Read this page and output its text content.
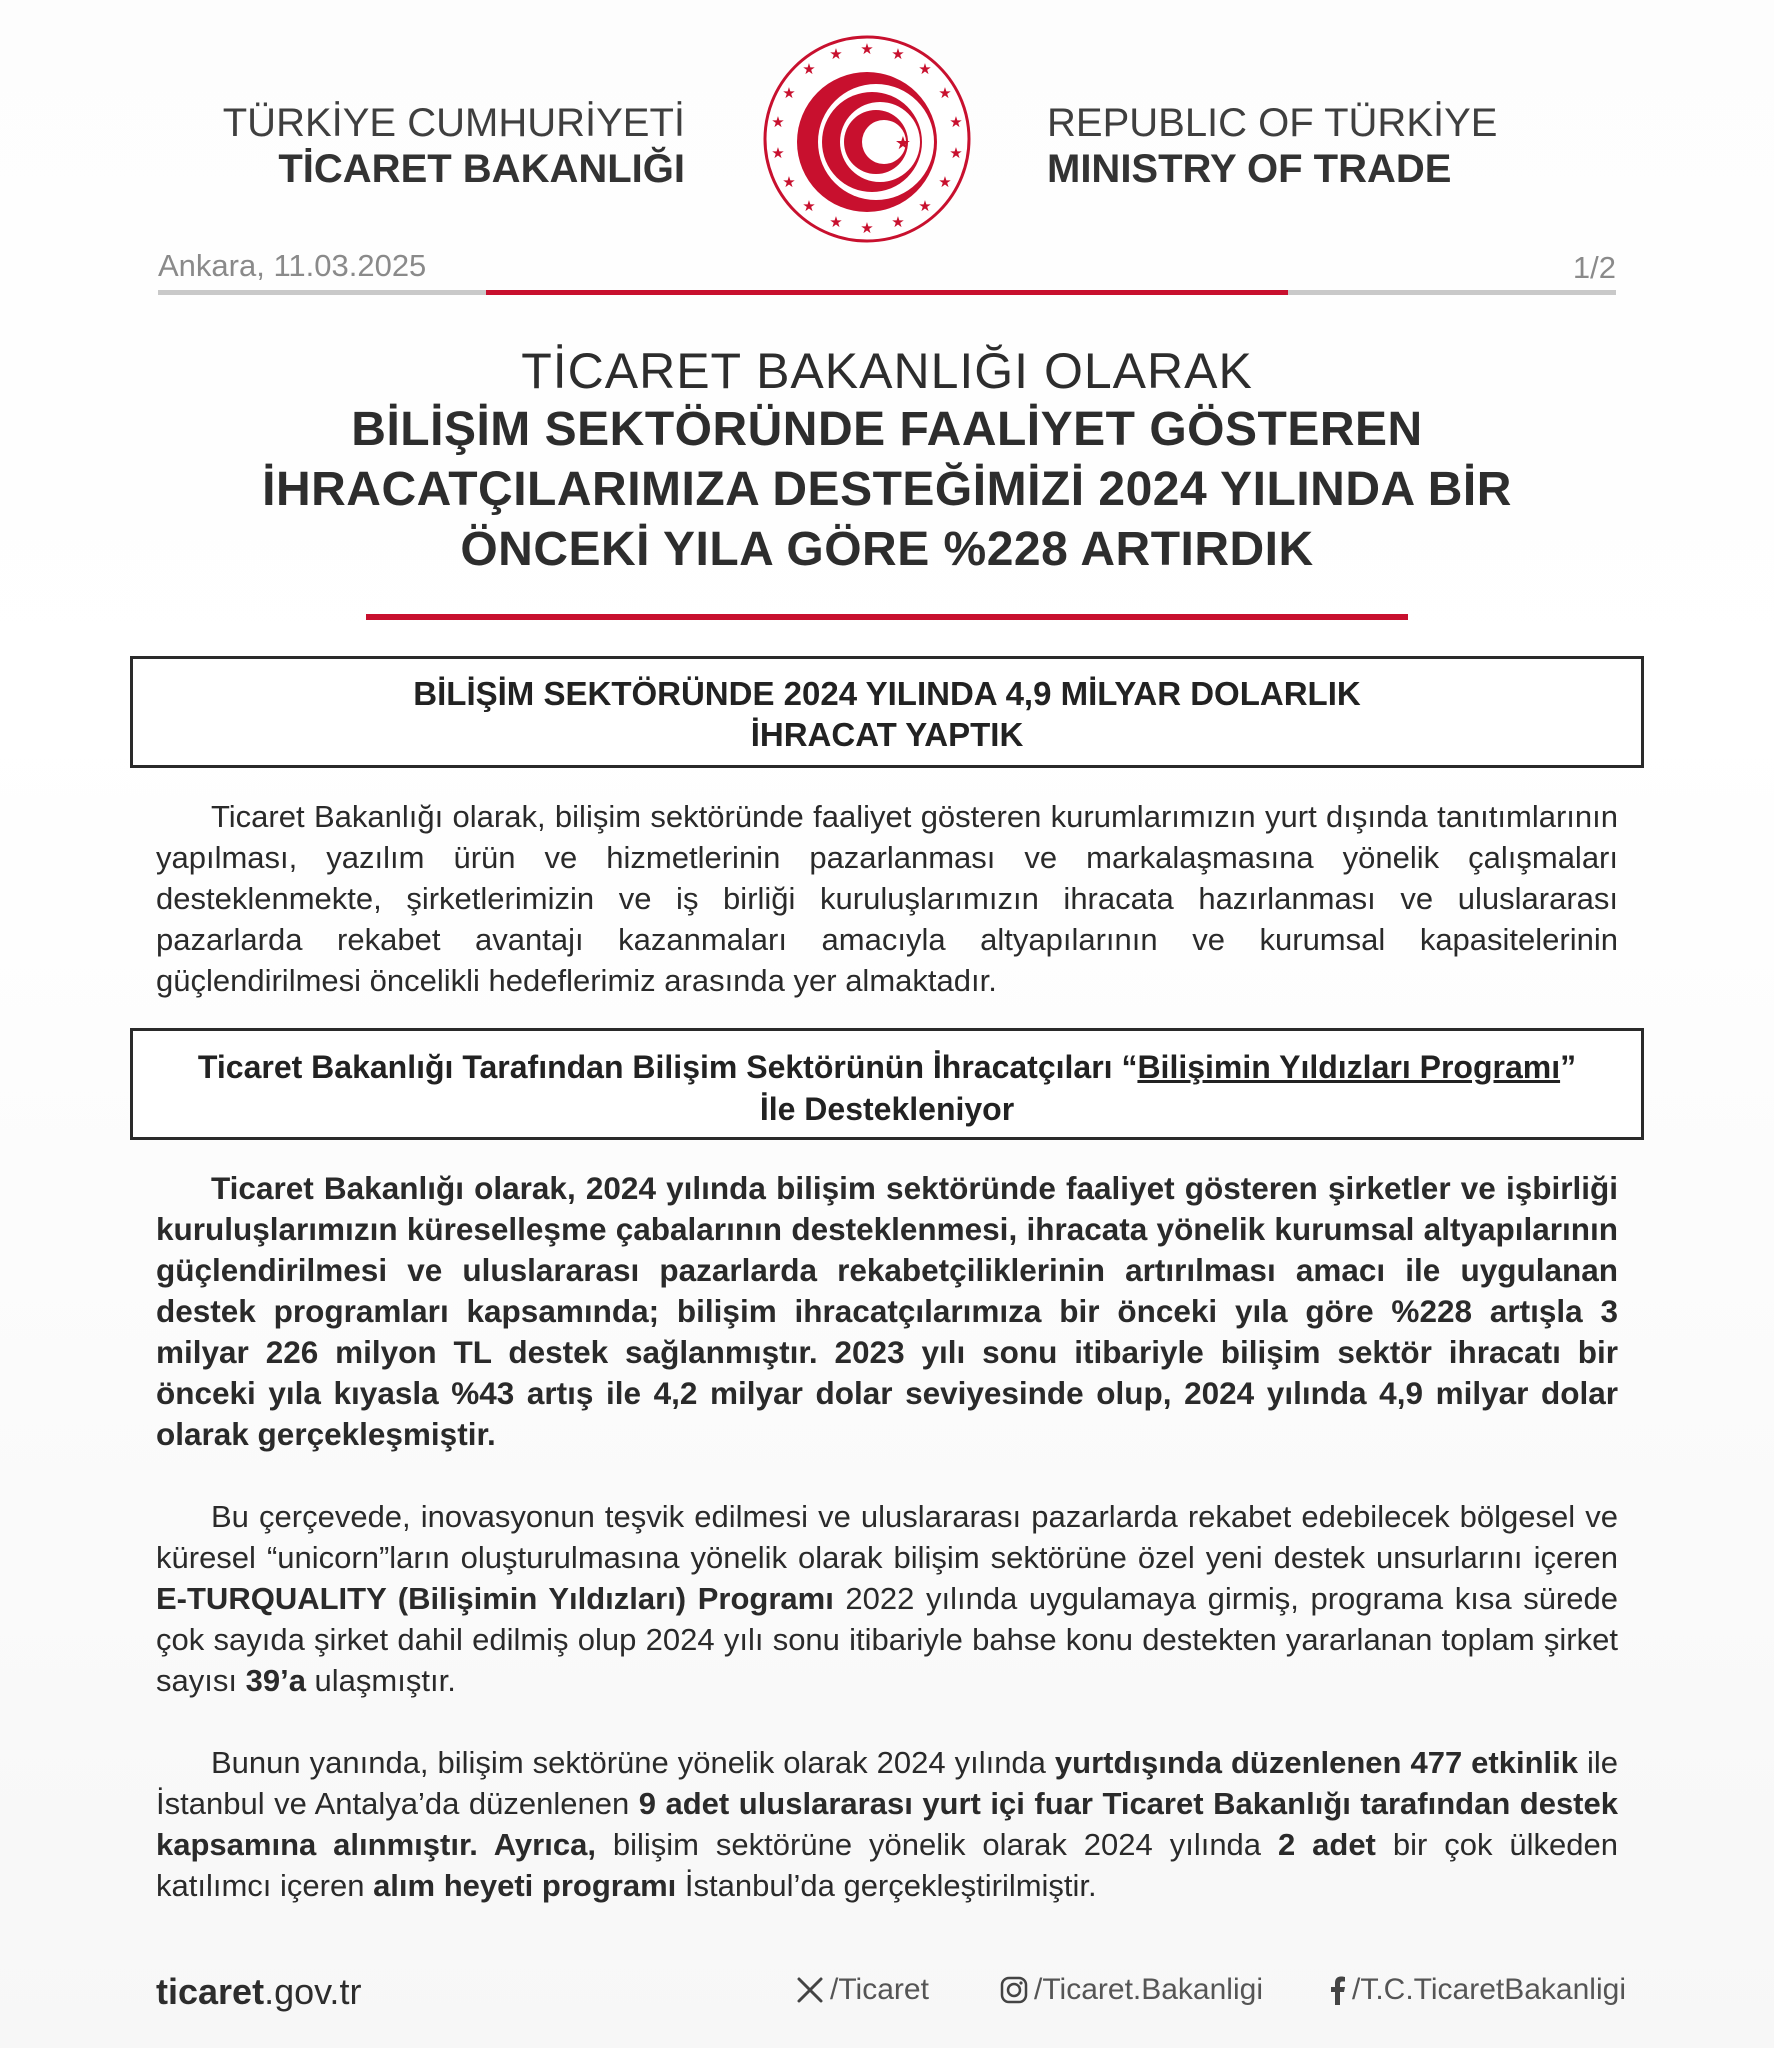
TÜRKİYE CUMHURİYETİ
TİCARET BAKANLIĞI
★ ★
★
★
★
★
★
★
★
★
★
★
★
★
★
★
★
★
★	REPUBLIC OF TÜRKİYE
MINISTRY OF TRADE
Ankara, 11.03.2025	1/2
TİCARET BAKANLIĞI OLARAK
BİLİŞİM SEKTÖRÜNDE FAALİYET GÖSTEREN
İHRACATÇILARIMIZA DESTEĞİMİZİ 2024 YILINDA BİR
ÖNCEKİ YILA GÖRE %228 ARTIRDIK
BİLİŞİM SEKTÖRÜNDE 2024 YILINDA 4,9 MİLYAR DOLARLIK
İHRACAT YAPTIK

Ticaret Bakanlığı olarak, bilişim sektöründe faaliyet gösteren kurumlarımızın yurt dışında tanıtımlarının yapılması, yazılım ürün ve hizmetlerinin pazarlanması ve markalaşmasına yönelik çalışmaları desteklenmekte, şirketlerimizin ve iş birliği kuruluşlarımızın ihracata hazırlanması ve uluslararası pazarlarda rekabet avantajı kazanmaları amacıyla altyapılarının ve kurumsal kapasitelerinin güçlendirilmesi öncelikli hedeflerimiz arasında yer almaktadır.

Ticaret Bakanlığı Tarafından Bilişim Sektörünün İhracatçıları “Bilişimin Yıldızları Programı”
İle Destekleniyor

Ticaret Bakanlığı olarak, 2024 yılında bilişim sektöründe faaliyet gösteren şirketler ve işbirliği kuruluşlarımızın küreselleşme çabalarının desteklenmesi, ihracata yönelik kurumsal altyapılarının güçlendirilmesi ve uluslararası pazarlarda rekabetçiliklerinin artırılması amacı ile uygulanan destek programları kapsamında; bilişim ihracatçılarımıza bir önceki yıla göre %228 artışla 3 milyar 226 milyon TL destek sağlanmıştır. 2023 yılı sonu itibariyle bilişim sektör ihracatı bir önceki yıla kıyasla %43 artış ile 4,2 milyar dolar seviyesinde olup, 2024 yılında 4,9 milyar dolar olarak gerçekleşmiştir.

Bu çerçevede, inovasyonun teşvik edilmesi ve uluslararası pazarlarda rekabet edebilecek bölgesel ve küresel “unicorn”ların oluşturulmasına yönelik olarak bilişim sektörüne özel yeni destek unsurlarını içeren E-TURQUALITY (Bilişimin Yıldızları) Programı 2022 yılında uygulamaya girmiş, programa kısa sürede çok sayıda şirket dahil edilmiş olup 2024 yılı sonu itibariyle bahse konu destekten yararlanan toplam şirket sayısı 39’a ulaşmıştır.

Bunun yanında, bilişim sektörüne yönelik olarak 2024 yılında yurtdışında düzenlenen 477 etkinlik ile İstanbul ve Antalya’da düzenlenen 9 adet uluslararası yurt içi fuar Ticaret Bakanlığı tarafından destek kapsamına alınmıştır. Ayrıca, bilişim sektörüne yönelik olarak 2024 yılında 2 adet bir çok ülkeden katılımcı içeren alım heyeti programı İstanbul’da gerçekleştirilmiştir.

ticaret.gov.tr	/Ticaret	/Ticaret.Bakanligi	/T.C.TicaretBakanligi
